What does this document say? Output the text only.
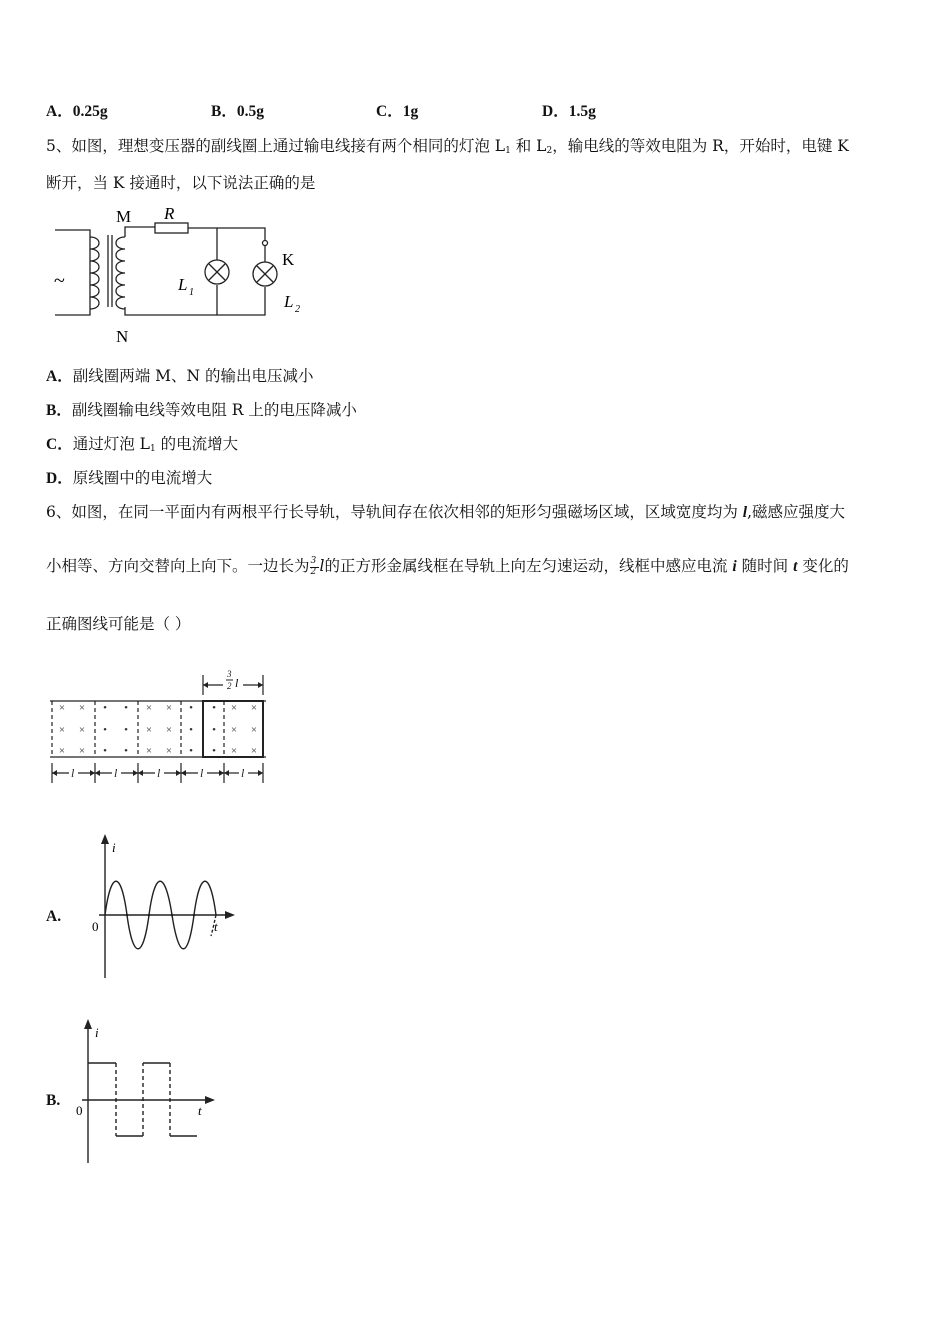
A．0.25g	B．0.5g	C．1g	D．1.5g
5、如图，理想变压器的副线圈上通过输电线接有两个相同的灯泡 $L_1$ 和 $L_2$，输电线的等效电阻为 R，开始时，电键 K
断开，当 K 接通时，以下说法正确的是
~
M
N
R
K
L 1	L 2
A．副线圈两端 M、N 的输出电压减小
B．副线圈输电线等效电阻 R 上的电压降减小
C．通过灯泡 $L_1$ 的电流增大
D．原线圈中的电流增大
6、如图，在同一平面内有两根平行长导轨，导轨间存在依次相邻的矩形匀强磁场区域，区域宽度均为 l,磁感应强度大
小相等、方向交替向上向下。一边长为 $\frac{3}{2}$ l的正方形金属线框在导轨上向左匀速运动，线框中感应电流 i 随时间 t 变化的
正确图线可能是（ ）
l	l	l	l	l
3
2 l
× ×
× ×
× ×
• •
• •
• •
× ×
× ×
× ×
• •
• •
• •
× ×
× ×
× ×
A.
i
t
0
B.
i
t
0
